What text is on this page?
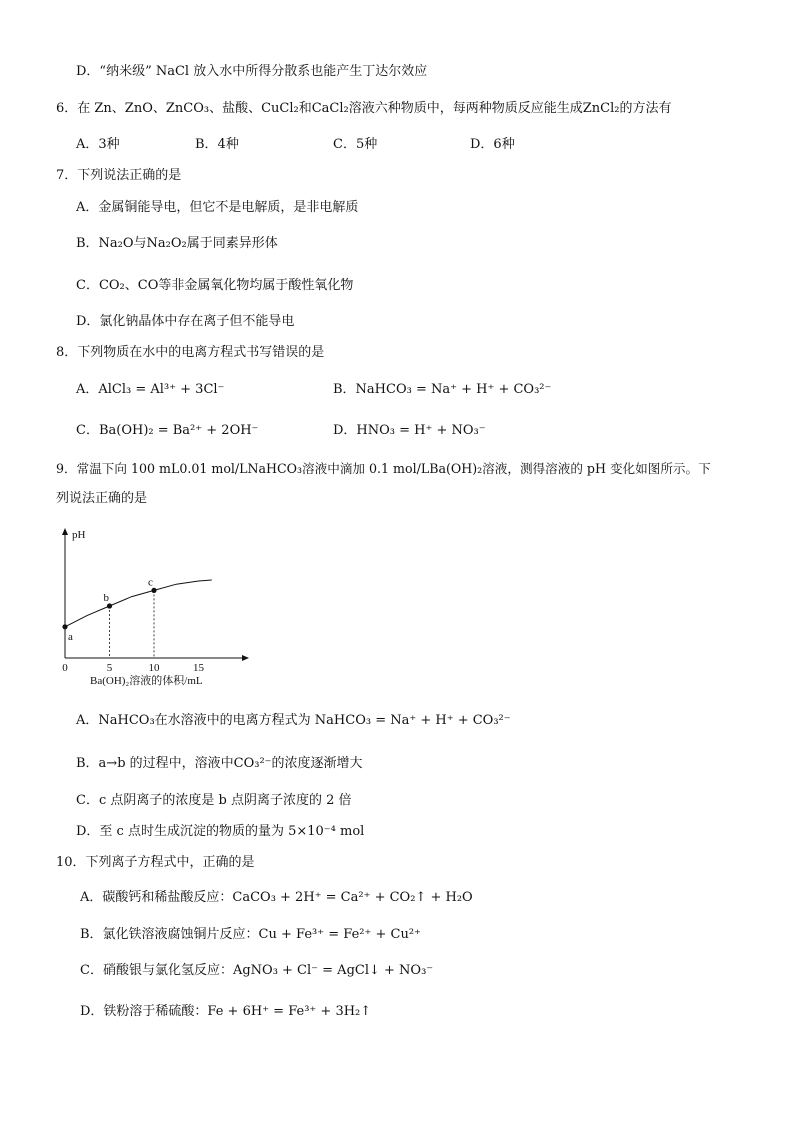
D．“纳米级” NaCl 放入水中所得分散系也能产生丁达尔效应
6．在 Zn、ZnO、ZnCO₃、盐酸、CuCl₂和CaCl₂溶液六种物质中，每两种物质反应能生成ZnCl₂的方法有
A．3种	B．4种	C．5种	D．6种
7．下列说法正确的是
A．金属铜能导电，但它不是电解质，是非电解质
B．Na₂O与Na₂O₂属于同素异形体
C．CO₂、CO等非金属氧化物均属于酸性氧化物
D．氯化钠晶体中存在离子但不能导电
8．下列物质在水中的电离方程式书写错误的是
A．AlCl₃ = Al³⁺ + 3Cl⁻	B．NaHCO₃ = Na⁺ + H⁺ + CO₃²⁻
C．Ba(OH)₂ = Ba²⁺ + 2OH⁻	D．HNO₃ = H⁺ + NO₃⁻
9．常温下向 100 mL0.01 mol/LNaHCO₃溶液中滴加 0.1 mol/LBa(OH)₂溶液，测得溶液的 pH 变化如图所示。下
列说法正确的是
pH
a
b
c
0	5	10	15
Ba(OH)₂溶液的体积/mL
A．NaHCO₃在水溶液中的电离方程式为 NaHCO₃ = Na⁺ + H⁺ + CO₃²⁻
B．a→b 的过程中，溶液中CO₃²⁻的浓度逐渐增大
C．c 点阴离子的浓度是 b 点阴离子浓度的 2 倍
D．至 c 点时生成沉淀的物质的量为 5×10⁻⁴ mol
10．下列离子方程式中，正确的是
A．碳酸钙和稀盐酸反应：CaCO₃ + 2H⁺ = Ca²⁺ + CO₂↑ + H₂O
B．氯化铁溶液腐蚀铜片反应：Cu + Fe³⁺ = Fe²⁺ + Cu²⁺
C．硝酸银与氯化氢反应：AgNO₃ + Cl⁻ = AgCl↓ + NO₃⁻
D．铁粉溶于稀硫酸：Fe + 6H⁺ = Fe³⁺ + 3H₂↑
